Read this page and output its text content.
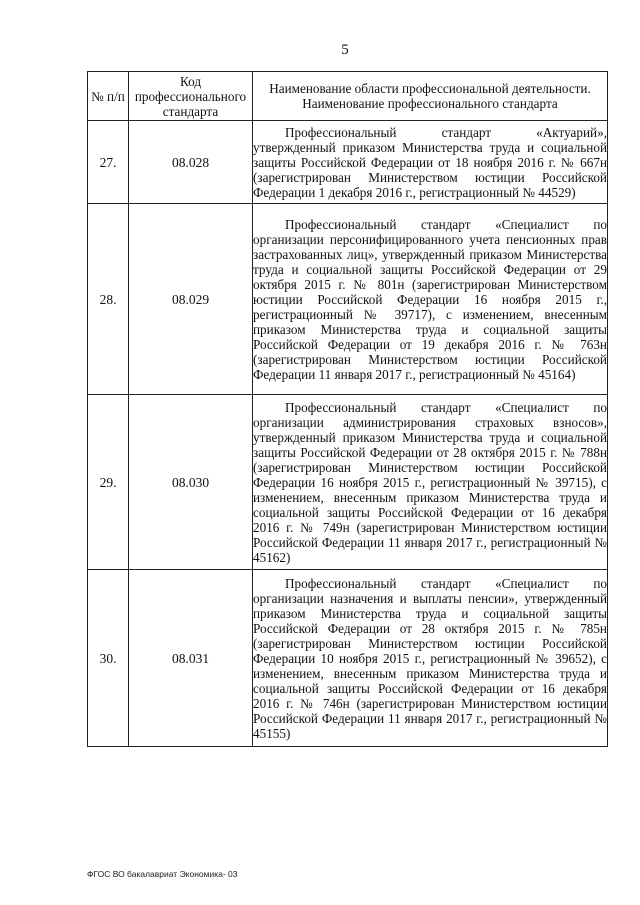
5
№ п/п	Код профессионального стандарта	Наименование области профессиональной деятельности. Наименование профессионального стандарта
27.	08.028	Профессиональный стандарт «Актуарий», утвержденный приказом Министерства труда и социальной защиты Российской Федерации от 18 ноября 2016 г. № 667н (зарегистрирован Министерством юстиции Российской Федерации 1 декабря 2016 г., регистрационный № 44529)
28.	08.029	Профессиональный стандарт «Специалист по организации персонифицированного учета пенсионных прав застрахованных лиц», утвержденный приказом Министерства труда и социальной защиты Российской Федерации от 29 октября 2015 г. № 801н (зарегистрирован Министерством юстиции Российской Федерации 16 ноября 2015 г., регистрационный № 39717), с изменением, внесенным приказом Министерства труда и социальной защиты Российской Федерации от 19 декабря 2016 г. № 763н (зарегистрирован Министерством юстиции Российской Федерации 11 января 2017 г., регистрационный № 45164)
29.	08.030	Профессиональный стандарт «Специалист по организации администрирования страховых взносов», утвержденный приказом Министерства труда и социальной защиты Российской Федерации от 28 октября 2015 г. № 788н (зарегистрирован Министерством юстиции Российской Федерации 16 ноября 2015 г., регистрационный № 39715), с изменением, внесенным приказом Министерства труда и социальной защиты Российской Федерации от 16 декабря 2016 г. № 749н (зарегистрирован Министерством юстиции Российской Федерации 11 января 2017 г., регистрационный № 45162)
30.	08.031	Профессиональный стандарт «Специалист по организации назначения и выплаты пенсии», утвержденный приказом Министерства труда и социальной защиты Российской Федерации от 28 октября 2015 г. № 785н (зарегистрирован Министерством юстиции Российской Федерации 10 ноября 2015 г., регистрационный № 39652), с изменением, внесенным приказом Министерства труда и социальной защиты Российской Федерации от 16 декабря 2016 г. № 746н (зарегистрирован Министерством юстиции Российской Федерации 11 января 2017 г., регистрационный № 45155)
ФГОС ВО бакалавриат Экономика- 03
